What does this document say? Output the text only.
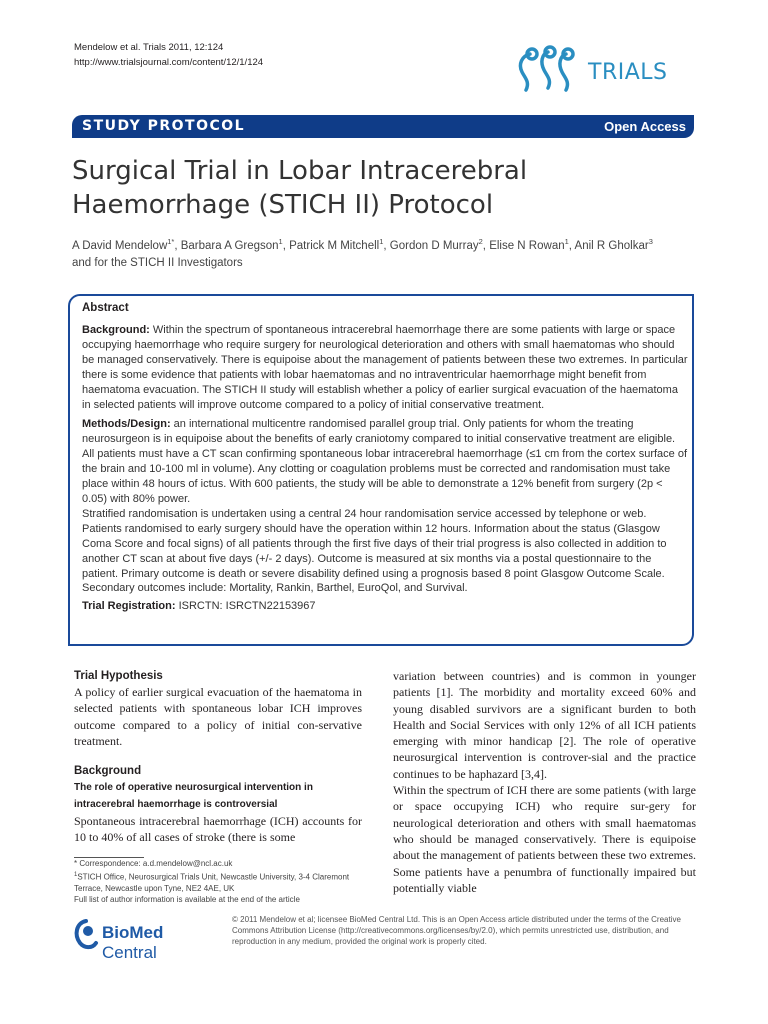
Mendelow et al. Trials 2011, 12:124
http://www.trialsjournal.com/content/12/1/124	TRIALS
STUDY PROTOCOL	Open Access
Surgical Trial in Lobar Intracerebral Haemorrhage (STICH II) Protocol
A David Mendelow$^{1*}$, Barbara A Gregson$^1$, Patrick M Mitchell$^1$, Gordon D Murray$^2$, Elise N Rowan$^1$, Anil R Gholkar$^3$
and for the STICH II Investigators
Abstract

Background: Within the spectrum of spontaneous intracerebral haemorrhage there are some patients with large or space occupying haemorrhage who require surgery for neurological deterioration and others with small haematomas who should be managed conservatively. There is equipoise about the management of patients between these two extremes. In particular there is some evidence that patients with lobar haematomas and no intraventricular haemorrhage might benefit from haematoma evacuation. The STICH II study will establish whether a policy of earlier surgical evacuation of the haematoma in selected patients will improve outcome compared to a policy of initial conservative treatment.

Methods/Design: an international multicentre randomised parallel group trial. Only patients for whom the treating neurosurgeon is in equipoise about the benefits of early craniotomy compared to initial conservative treatment are eligible. All patients must have a CT scan confirming spontaneous lobar intracerebral haemorrhage (≤1 cm from the cortex surface of the brain and 10-100 ml in volume). Any clotting or coagulation problems must be corrected and randomisation must take place within 48 hours of ictus. With 600 patients, the study will be able to demonstrate a 12% benefit from surgery (2p < 0.05) with 80% power.

Stratified randomisation is undertaken using a central 24 hour randomisation service accessed by telephone or web. Patients randomised to early surgery should have the operation within 12 hours. Information about the status (Glasgow Coma Score and focal signs) of all patients through the first five days of their trial progress is also collected in addition to another CT scan at about five days (+/- 2 days). Outcome is measured at six months via a postal questionnaire to the patient. Primary outcome is death or severe disability defined using a prognosis based 8 point Glasgow Outcome Scale. Secondary outcomes include: Mortality, Rankin, Barthel, EuroQol, and Survival.

Trial Registration: ISRCTN: ISRCTN22153967

Trial Hypothesis

A policy of earlier surgical evacuation of the haematoma in selected patients with spontaneous lobar ICH improves outcome compared to a policy of initial con-servative treatment.

Background
The role of operative neurosurgical intervention in intracerebral haemorrhage is controversial

Spontaneous intracerebral haemorrhage (ICH) accounts for 10 to 40% of all cases of stroke (there is some

variation between countries) and is common in younger patients [1]. The morbidity and mortality exceed 60% and young disabled survivors are a significant burden to both Health and Social Services with only 12% of all ICH patients emerging with minor handicap [2]. The role of operative neurosurgical intervention is controver-sial and the practice continues to be haphazard [3,4].

Within the spectrum of ICH there are some patients (with large or space occupying ICH) who require sur-gery for neurological deterioration and others with small haematomas who should be managed conservatively. There is equipoise about the management of patients between these two extremes. Some patients have a penumbra of functionally impaired but potentially viable

* Correspondence: a.d.mendelow@ncl.ac.uk
$^1$STICH Office, Neurosurgical Trials Unit, Newcastle University, 3-4 Claremont Terrace, Newcastle upon Tyne, NE2 4AE, UK
Full list of author information is available at the end of the article
BioMed Central
© 2011 Mendelow et al; licensee BioMed Central Ltd. This is an Open Access article distributed under the terms of the Creative Commons Attribution License (http://creativecommons.org/licenses/by/2.0), which permits unrestricted use, distribution, and reproduction in any medium, provided the original work is properly cited.
